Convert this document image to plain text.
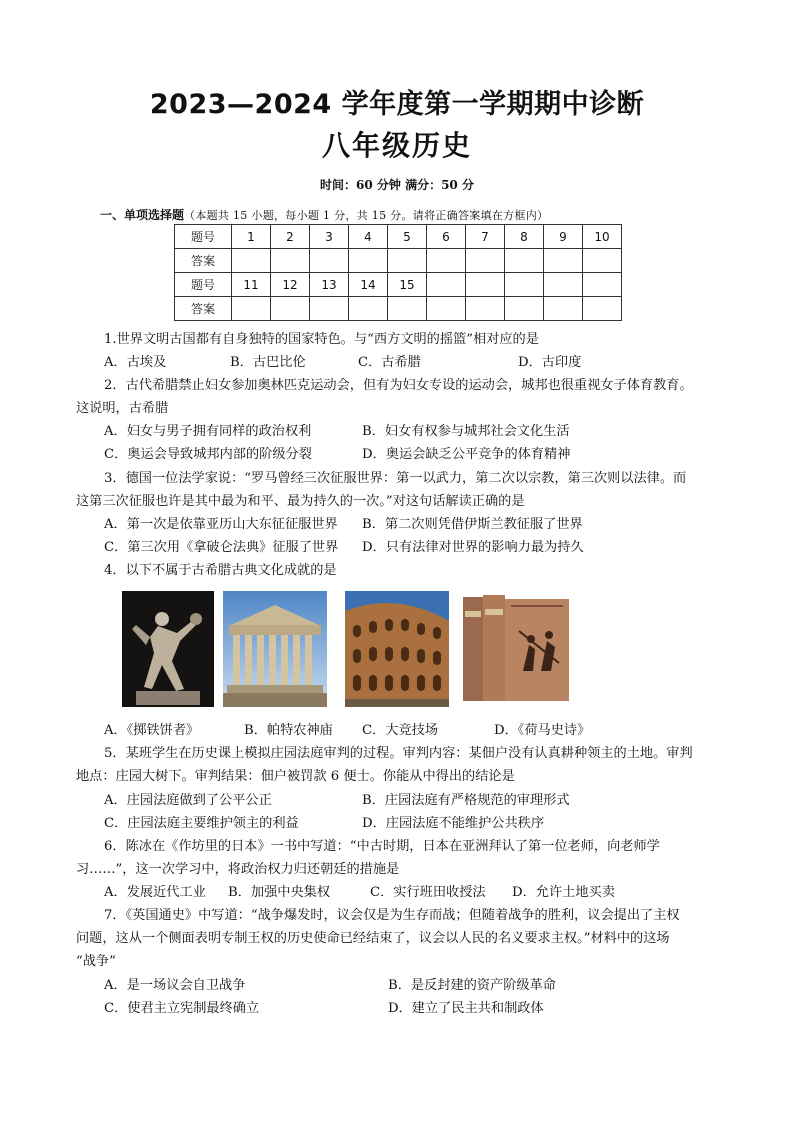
2023—2024 学年度第一学期期中诊断
八年级历史
时间：60 分钟 满分：50 分
一、单项选择题（本题共 15 小题，每小题 1 分，共 15 分。请将正确答案填在方框内）
题号	1	2	3	4	5	6	7	8	9	10
答案										
题号	11	12	13	14	15					
答案										
1.世界文明古国都有自身独特的国家特色。与“西方文明的摇篮”相对应的是
A．古埃及	B．古巴比伦	C．古希腊	D．古印度
2．古代希腊禁止妇女参加奥林匹克运动会，但有为妇女专设的运动会，城邦也很重视女子体育教育。
这说明，古希腊
A．妇女与男子拥有同样的政治权利	B．妇女有权参与城邦社会文化生活
C．奥运会导致城邦内部的阶级分裂	D．奥运会缺乏公平竞争的体育精神
3．德国一位法学家说：“罗马曾经三次征服世界：第一以武力，第二次以宗教，第三次则以法律。而
这第三次征服也许是其中最为和平、最为持久的一次。”对这句话解读正确的是
A．第一次是依靠亚历山大东征征服世界 B．第二次则凭借伊斯兰教征服了世界
C．第三次用《拿破仑法典》征服了世界 D．只有法律对世界的影响力最为持久
4．以下不属于古希腊古典文化成就的是
A．《掷铁饼者》	B．帕特农神庙 C．大竞技场	D．《荷马史诗》
5．某班学生在历史课上模拟庄园法庭审判的过程。审判内容：某佃户没有认真耕种领主的土地。审判
地点：庄园大树下。审判结果：佃户被罚款 6 便士。你能从中得出的结论是
A．庄园法庭做到了公平公正	B．庄园法庭有严格规范的审理形式
C．庄园法庭主要维护领主的利益	D．庄园法庭不能维护公共秩序
6．陈冰在《作坊里的日本》一书中写道：“中古时期，日本在亚洲拜认了第一位老师，向老师学
习……”，这一次学习中，将政治权力归还朝廷的措施是
A．发展近代工业 B．加强中央集权	C．实行班田收授法 D．允许土地买卖
7．《英国通史》中写道：“战争爆发时，议会仅是为生存而战；但随着战争的胜利，议会提出了主权
问题，这从一个侧面表明专制王权的历史使命已经结束了，议会以人民的名义要求主权。”材料中的这场
“战争”
A．是一场议会自卫战争	B．是反封建的资产阶级革命
C．使君主立宪制最终确立	D．建立了民主共和制政体
